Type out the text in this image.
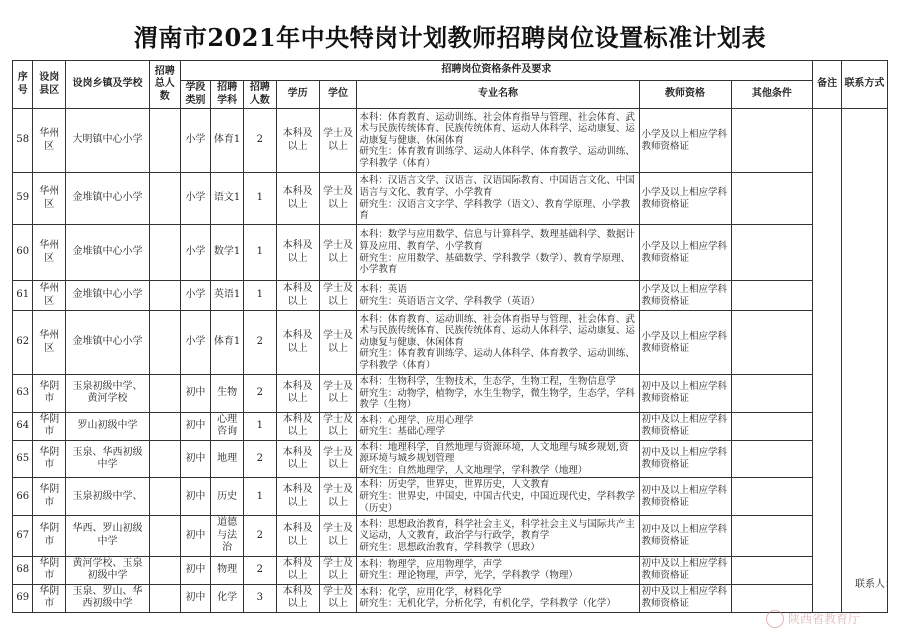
渭南市2021年中央特岗计划教师招聘岗位设置标准计划表
序号	设岗县区	设岗乡镇及学校	招聘总人数	招聘岗位资格条件及要求								备注	联系方式
				学段类别	招聘学科	招聘人数	学历	学位	专业名称	教师资格	其他条件		
58	华州区	大明镇中心小学		小学	体育1	2	本科及以上	学士及以上	本科：体育教育、运动训练、社会体育指导与管理、社会体育、武术与民族传统体育、民族传统体育、运动人体科学、运动康复、运动康复与健康、休闲体育
研究生：体育教育训练学、运动人体科学、体育教学、运动训练、学科教学（体育）	小学及以上相应学科教师资格证			
59	华州区	金堆镇中心小学		小学	语文1	1	本科及以上	学士及以上	本科：汉语言文学、汉语言、汉语国际教育、中国语言文化、中国语言与文化、教育学、小学教育
研究生：汉语言文字学、学科教学（语文）、教育学原理、小学教育	小学及以上相应学科教师资格证			
60	华州区	金堆镇中心小学		小学	数学1	1	本科及以上	学士及以上	本科：数学与应用数学、信息与计算科学、数理基础科学、数据计算及应用、教育学、小学教育
研究生：应用数学、基础数学、学科教学（数学）、教育学原理、小学教育	小学及以上相应学科教师资格证			
61	华州区	金堆镇中心小学		小学	英语1	1	本科及以上	学士及以上	本科：英语
研究生：英语语言文学、学科教学（英语）	小学及以上相应学科教师资格证			
62	华州区	金堆镇中心小学		小学	体育1	2	本科及以上	学士及以上	本科：体育教育、运动训练、社会体育指导与管理、社会体育、武术与民族传统体育、民族传统体育、运动人体科学、运动康复、运动康复与健康、休闲体育
研究生：体育教育训练学、运动人体科学、体育教学、运动训练、学科教学（体育）	小学及以上相应学科教师资格证			
63	华阴市	玉泉初级中学、黄河学校		初中	生物	2	本科及以上	学士及以上	本科：生物科学，生物技术，生态学，生物工程，生物信息学
研究生：动物学，植物学，水生生物学，微生物学，生态学，学科教学（生物）	初中及以上相应学科教师资格证			
64	华阴市	罗山初级中学		初中	心理咨询	1	本科及以上	学士及以上	本科：心理学、应用心理学
研究生：基础心理学	初中及以上相应学科教师资格证			
65	华阴市	玉泉、华西初级中学		初中	地理	2	本科及以上	学士及以上	本科：地理科学，自然地理与资源环境，人文地理与城乡规划,资源环境与城乡规划管理
研究生：自然地理学，人文地理学，学科教学（地理）	初中及以上相应学科教师资格证			
66	华阴市	玉泉初级中学、		初中	历史	1	本科及以上	学士及以上	本科：历史学，世界史，世界历史，人文教育
研究生：世界史，中国史，中国古代史，中国近现代史，学科教学（历史）	初中及以上相应学科教师资格证			
67	华阴市	华西、罗山初级中学		初中	道德与法治	2	本科及以上	学士及以上	本科：思想政治教育，科学社会主义，科学社会主义与国际共产主义运动，人文教育，政治学与行政学，教育学
研究生：思想政治教育，学科教学（思政）	初中及以上相应学科教师资格证			
68	华阴市	黄河学校、玉泉初级中学		初中	物理	2	本科及以上	学士及以上	本科：物理学，应用物理学，声学
研究生：理论物理，声学，光学，学科教学（物理）	初中及以上相应学科教师资格证			
69	华阴市	玉泉、罗山、华西初级中学		初中	化学	3	本科及以上	学士及以上	本科：化学，应用化学，材料化学
研究生：无机化学，分析化学，有机化学，学科教学（化学）	初中及以上相应学科教师资格证			
联系人：
陕西省教育厅
